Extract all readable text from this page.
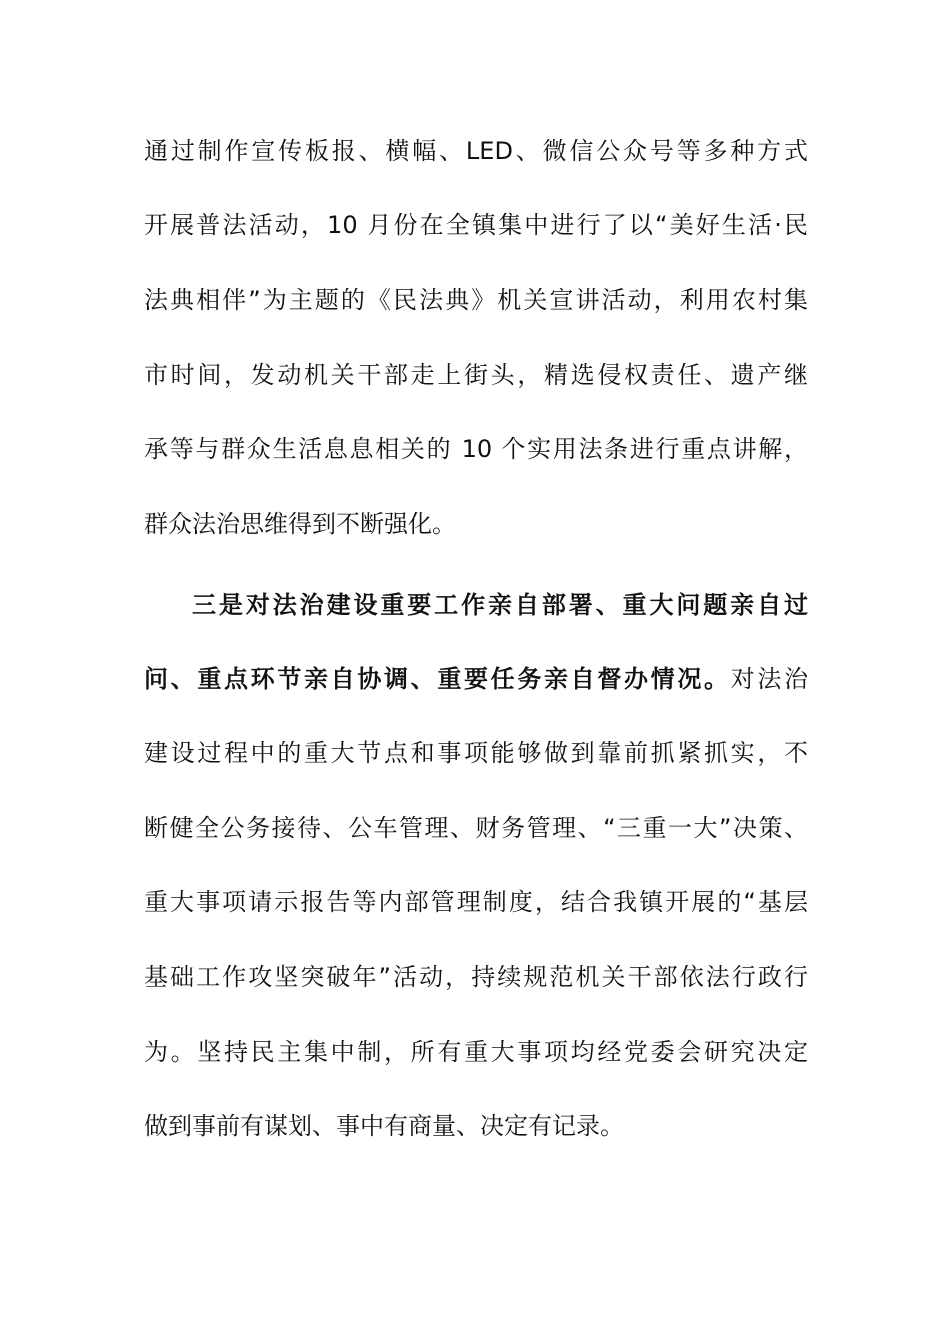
通过制作宣传板报、横幅、LED、微信公众号等多种方式
开展普法活动，10 月份在全镇集中进行了以“美好生活·民
法典相伴”为主题的《民法典》机关宣讲活动，利用农村集
市时间，发动机关干部走上街头，精选侵权责任、遗产继
承等与群众生活息息相关的 10 个实用法条进行重点讲解，
群众法治思维得到不断强化。
三是对法治建设重要工作亲自部署、重大问题亲自过
问、重点环节亲自协调、重要任务亲自督办情况。对法治
建设过程中的重大节点和事项能够做到靠前抓紧抓实，不
断健全公务接待、公车管理、财务管理、“三重一大”决策、
重大事项请示报告等内部管理制度，结合我镇开展的“基层
基础工作攻坚突破年”活动，持续规范机关干部依法行政行
为。坚持民主集中制，所有重大事项均经党委会研究决定
做到事前有谋划、事中有商量、决定有记录。
